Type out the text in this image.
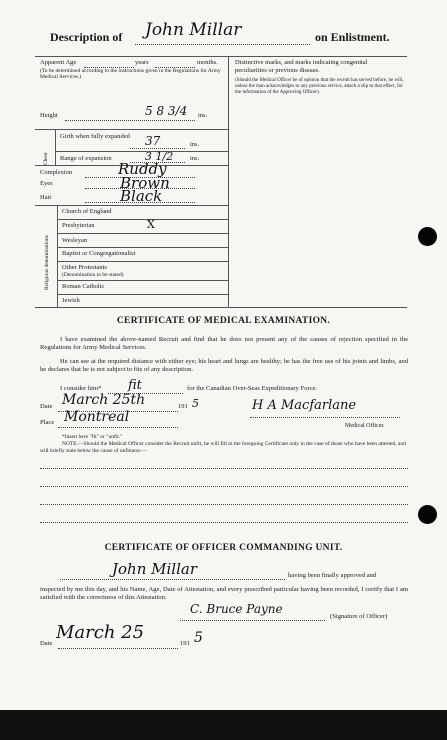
Description of John Millar	on Enlistment.
Apparent Age	years	months.
(To be determined according to the instructions given in the Regulations for Army Medical Services.)
Height	5 8 3/4 ins.
Chest
Girth when fully expanded	37	ins.
Range of expansion	3 1/2	ins.
Complexion	Ruddy
Eyes	Brown
Hair	Black
Religious denominations
Church of England
Presbyterian	X
Wesleyan
Baptist or Congregationalist
Other Protestants
(Denomination to be stated)
Roman Catholic
Jewish
Distinctive marks, and marks indicating congenital peculiarities or previous disease.
(Should the Medical Officer be of opinion that the recruit has served before, he will, unless the man acknowledges to any previous service, attach a slip to that effect, for the information of the Approving Officer).
CERTIFICATE OF MEDICAL EXAMINATION.
I have examined the above-named Recruit and find that he does not present any of the causes of rejection specified in the Regulations for Army Medical Services.
He can see at the required distance with either eye; his heart and lungs are healthy; he has the free use of his joints and limbs, and he declares that he is not subject to fits of any description.
I consider him* fit	for the Canadian Over-Seas Expeditionary Force.
Date March 25th	191 5
Place Montreal
H A Macfarlane
Medical Officer.
*Insert here "fit" or "unfit."
NOTE.—Should the Medical Officer consider the Recruit unfit, he will fill in the foregoing Certificate only in the case of those who have been attested, and will briefly state below the cause of unfitness:—
CERTIFICATE OF OFFICER COMMANDING UNIT.
John Millar	having been finally approved and
inspected by me this day, and his Name, Age, Date of Attestation, and every prescribed particular having been recorded, I certify that I am satisfied with the correctness of this Attestation.
C. Bruce Payne
(Signature of Officer)
Date
March 25
191 5
